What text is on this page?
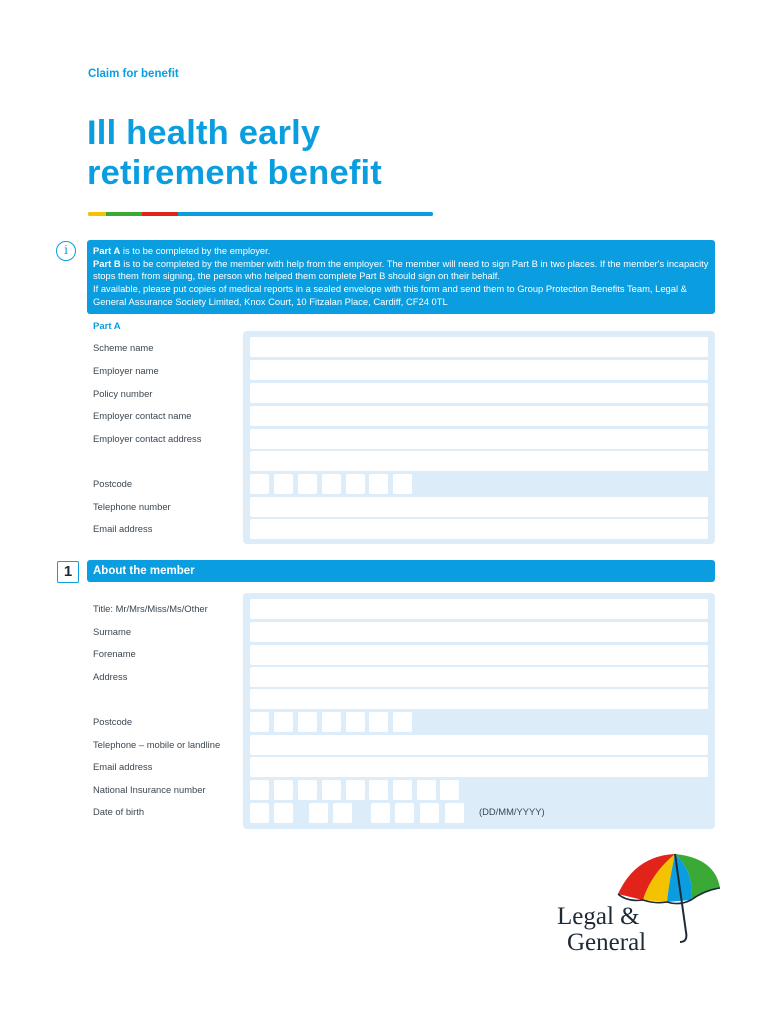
Claim for benefit
Ill health early
retirement benefit
i	Part A is to be completed by the employer.

Part B is to be completed by the member with help from the employer. The member will need to sign Part B in two places. If the member's incapacity stops them from signing, the person who helped them complete Part B should sign on their behalf.

If available, please put copies of medical reports in a sealed envelope with this form and send them to Group Protection Benefits Team, Legal & General Assurance Society Limited, Knox Court, 10 Fitzalan Place, Cardiff, CF24 0TL

Part A
Scheme name
Employer name
Policy number
Employer contact name
Employer contact address
Postcode
Telephone number
Email address
1	About the member
(DD/MM/YYYY)
Title: Mr/Mrs/Miss/Ms/Other
Surname
Forename
Address
Postcode
Telephone – mobile or landline
Email address
National Insurance number
Date of birth
Legal &
General
